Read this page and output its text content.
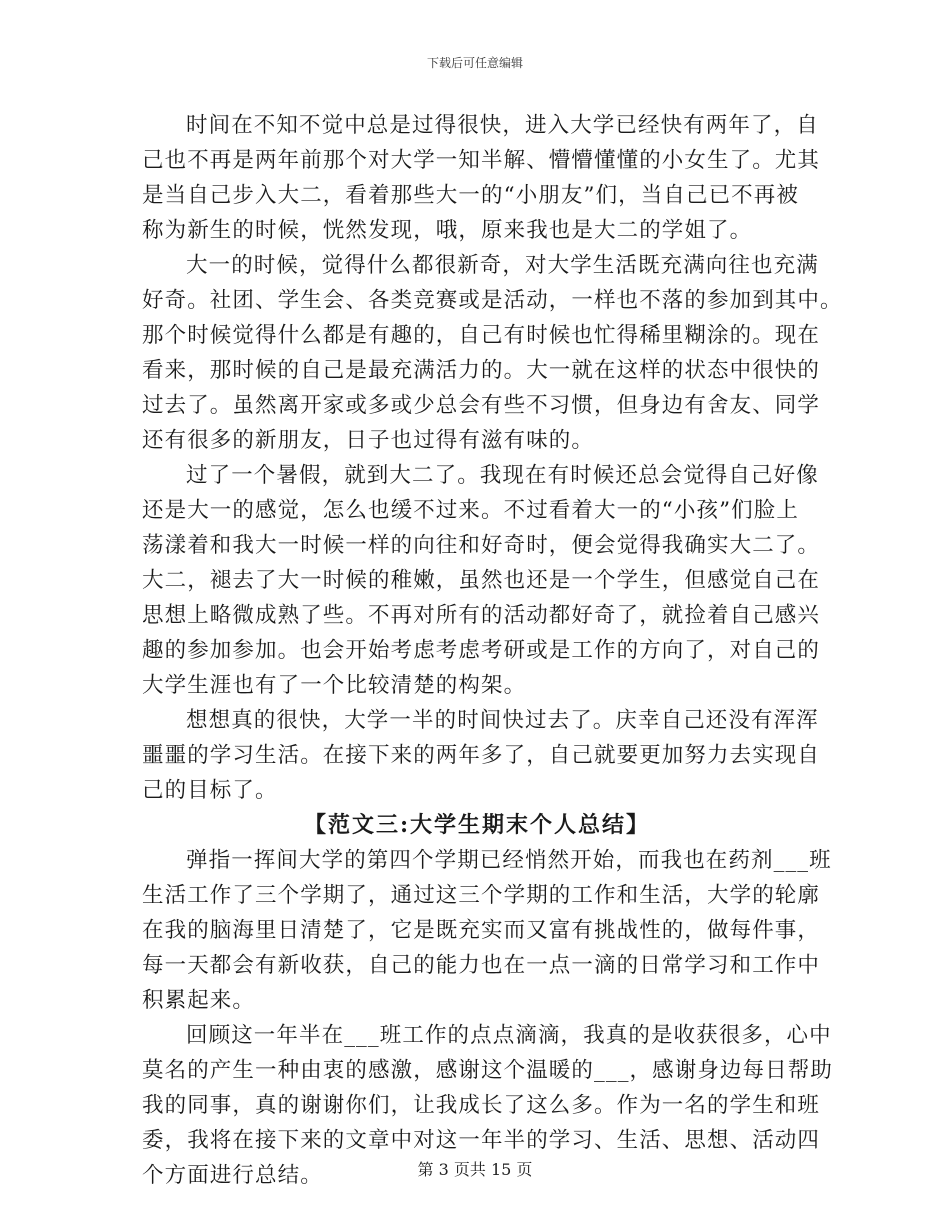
下载后可任意编辑
时间在不知不觉中总是过得很快，进入大学已经快有两年了，自
己也不再是两年前那个对大学一知半解、懵懵懂懂的小女生了。尤其
是当自己步入大二，看着那些大一的“小朋友”们，当自己已不再被
称为新生的时候，恍然发现，哦，原来我也是大二的学姐了。
大一的时候，觉得什么都很新奇，对大学生活既充满向往也充满
好奇。社团、学生会、各类竞赛或是活动，一样也不落的参加到其中。
那个时候觉得什么都是有趣的，自己有时候也忙得稀里糊涂的。现在
看来，那时候的自己是最充满活力的。大一就在这样的状态中很快的
过去了。虽然离开家或多或少总会有些不习惯，但身边有舍友、同学
还有很多的新朋友，日子也过得有滋有味的。
过了一个暑假，就到大二了。我现在有时候还总会觉得自己好像
还是大一的感觉，怎么也缓不过来。不过看着大一的“小孩”们脸上
荡漾着和我大一时候一样的向往和好奇时，便会觉得我确实大二了。
大二，褪去了大一时候的稚嫩，虽然也还是一个学生，但感觉自己在
思想上略微成熟了些。不再对所有的活动都好奇了，就捡着自己感兴
趣的参加参加。也会开始考虑考虑考研或是工作的方向了，对自己的
大学生涯也有了一个比较清楚的构架。
想想真的很快，大学一半的时间快过去了。庆幸自己还没有浑浑
噩噩的学习生活。在接下来的两年多了，自己就要更加努力去实现自
己的目标了。
【范文三:大学生期末个人总结】
弹指一挥间大学的第四个学期已经悄然开始，而我也在药剂___班
生活工作了三个学期了，通过这三个学期的工作和生活，大学的轮廓
在我的脑海里日清楚了，它是既充实而又富有挑战性的，做每件事，
每一天都会有新收获，自己的能力也在一点一滴的日常学习和工作中
积累起来。
回顾这一年半在___班工作的点点滴滴，我真的是收获很多，心中
莫名的产生一种由衷的感激，感谢这个温暖的___，感谢身边每日帮助
我的同事，真的谢谢你们，让我成长了这么多。作为一名的学生和班
委，我将在接下来的文章中对这一年半的学习、生活、思想、活动四
个方面进行总结。	第 3 页共 15 页
